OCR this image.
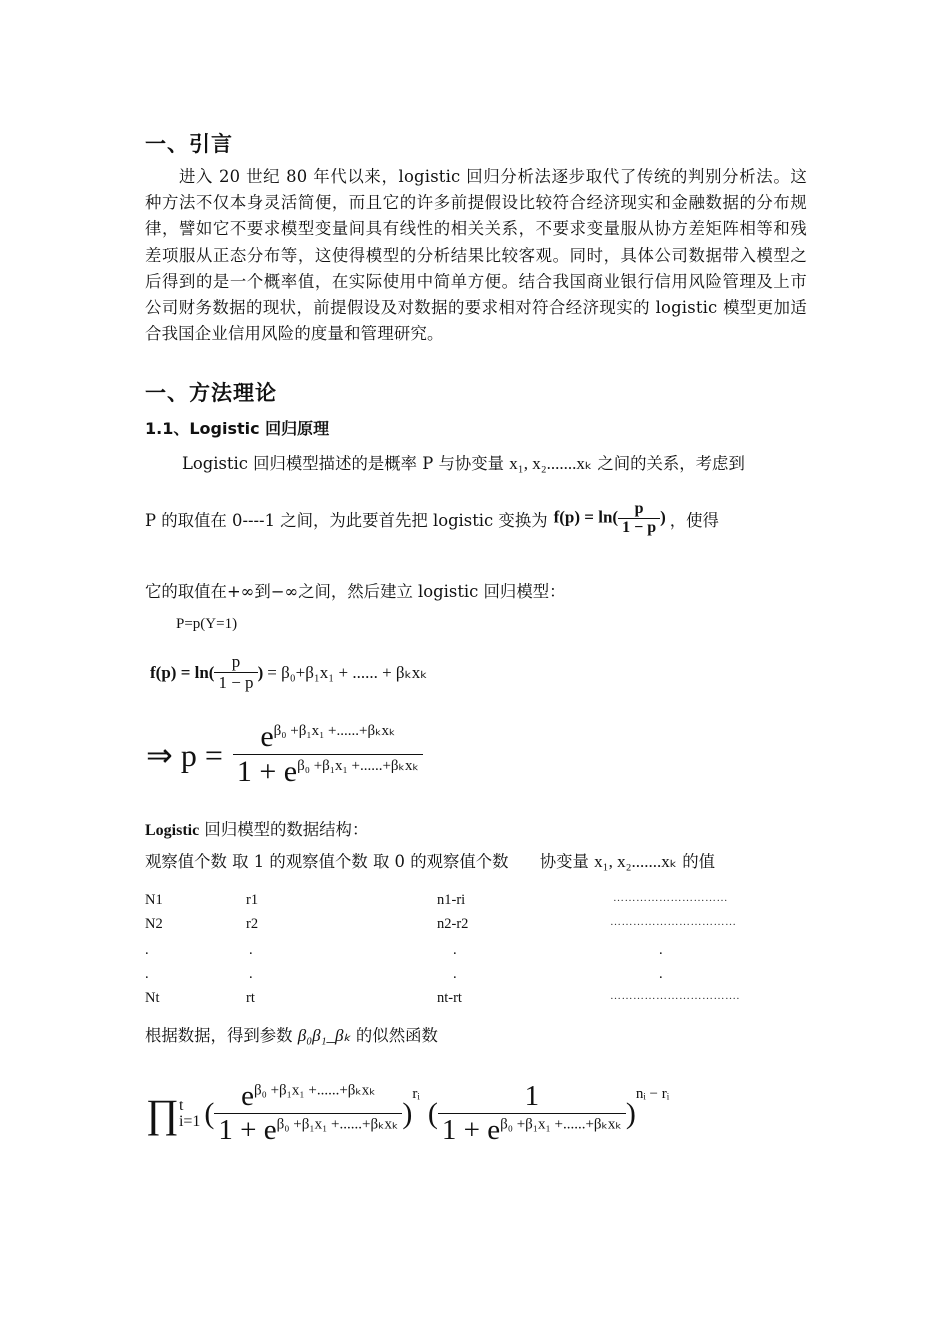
一、引言
进入 20 世纪 80 年代以来，logistic 回归分析法逐步取代了传统的判别分析法。这种方法不仅本身灵活简便，而且它的许多前提假设比较符合经济现实和金融数据的分布规律，譬如它不要求模型变量间具有线性的相关关系，不要求变量服从协方差矩阵相等和残差项服从正态分布等，这使得模型的分析结果比较客观。同时，具体公司数据带入模型之后得到的是一个概率值，在实际使用中简单方便。结合我国商业银行信用风险管理及上市公司财务数据的现状，前提假设及对数据的要求相对符合经济现实的 logistic 模型更加适合我国企业信用风险的度量和管理研究。
一、方法理论
1.1、Logistic 回归原理
Logistic 回归模型描述的是概率 P 与协变量 x₁, x₂.......xₖ 之间的关系，考虑到
P 的取值在 0----1 之间，为此要首先把 logistic 变换为 $f(p) = \ln( \frac{p}{1 - p}$ ) ，使得
它的取值在+∞到−∞之间，然后建立 logistic 回归模型：
P=p(Y=1)
$f(p) = \ln( \frac{p}{1 - p}$ ) = β₀+β₁x₁ + ...... + βₖxₖ
⇒ $p = \frac{e^{\beta_0 +\beta_1x_1 +......+\beta_kx_k}}{1 + e^{\beta_0 +\beta_1x_1 +......+\beta_kx_k}}$
Logistic 回归模型的数据结构：
观察值个数 取 1 的观察值个数 取 0 的观察值个数 协变量 x₁, x₂.......xₖ 的值
N1	r1	n1-ri	…………………………
N2	r2	n2-r2	……………………………
.	.	.	.
.	.	.	.
Nt	rt	nt-rt	…………………………….
根据数据，得到参数 β₀β₁_βₖ 的似然函数
∏ t
i=1 ( $\frac{e^{\beta_0 +\beta_1x_1 +......+\beta_kx_k}}{1 + e^{\beta_0 +\beta_1x_1 +......+\beta_kx_k}}$ )
rᵢ
( $\frac{1}{1 + e^{\beta_0 +\beta_1x_1 +......+\beta_kx_k}}$ )
nᵢ − rᵢ
